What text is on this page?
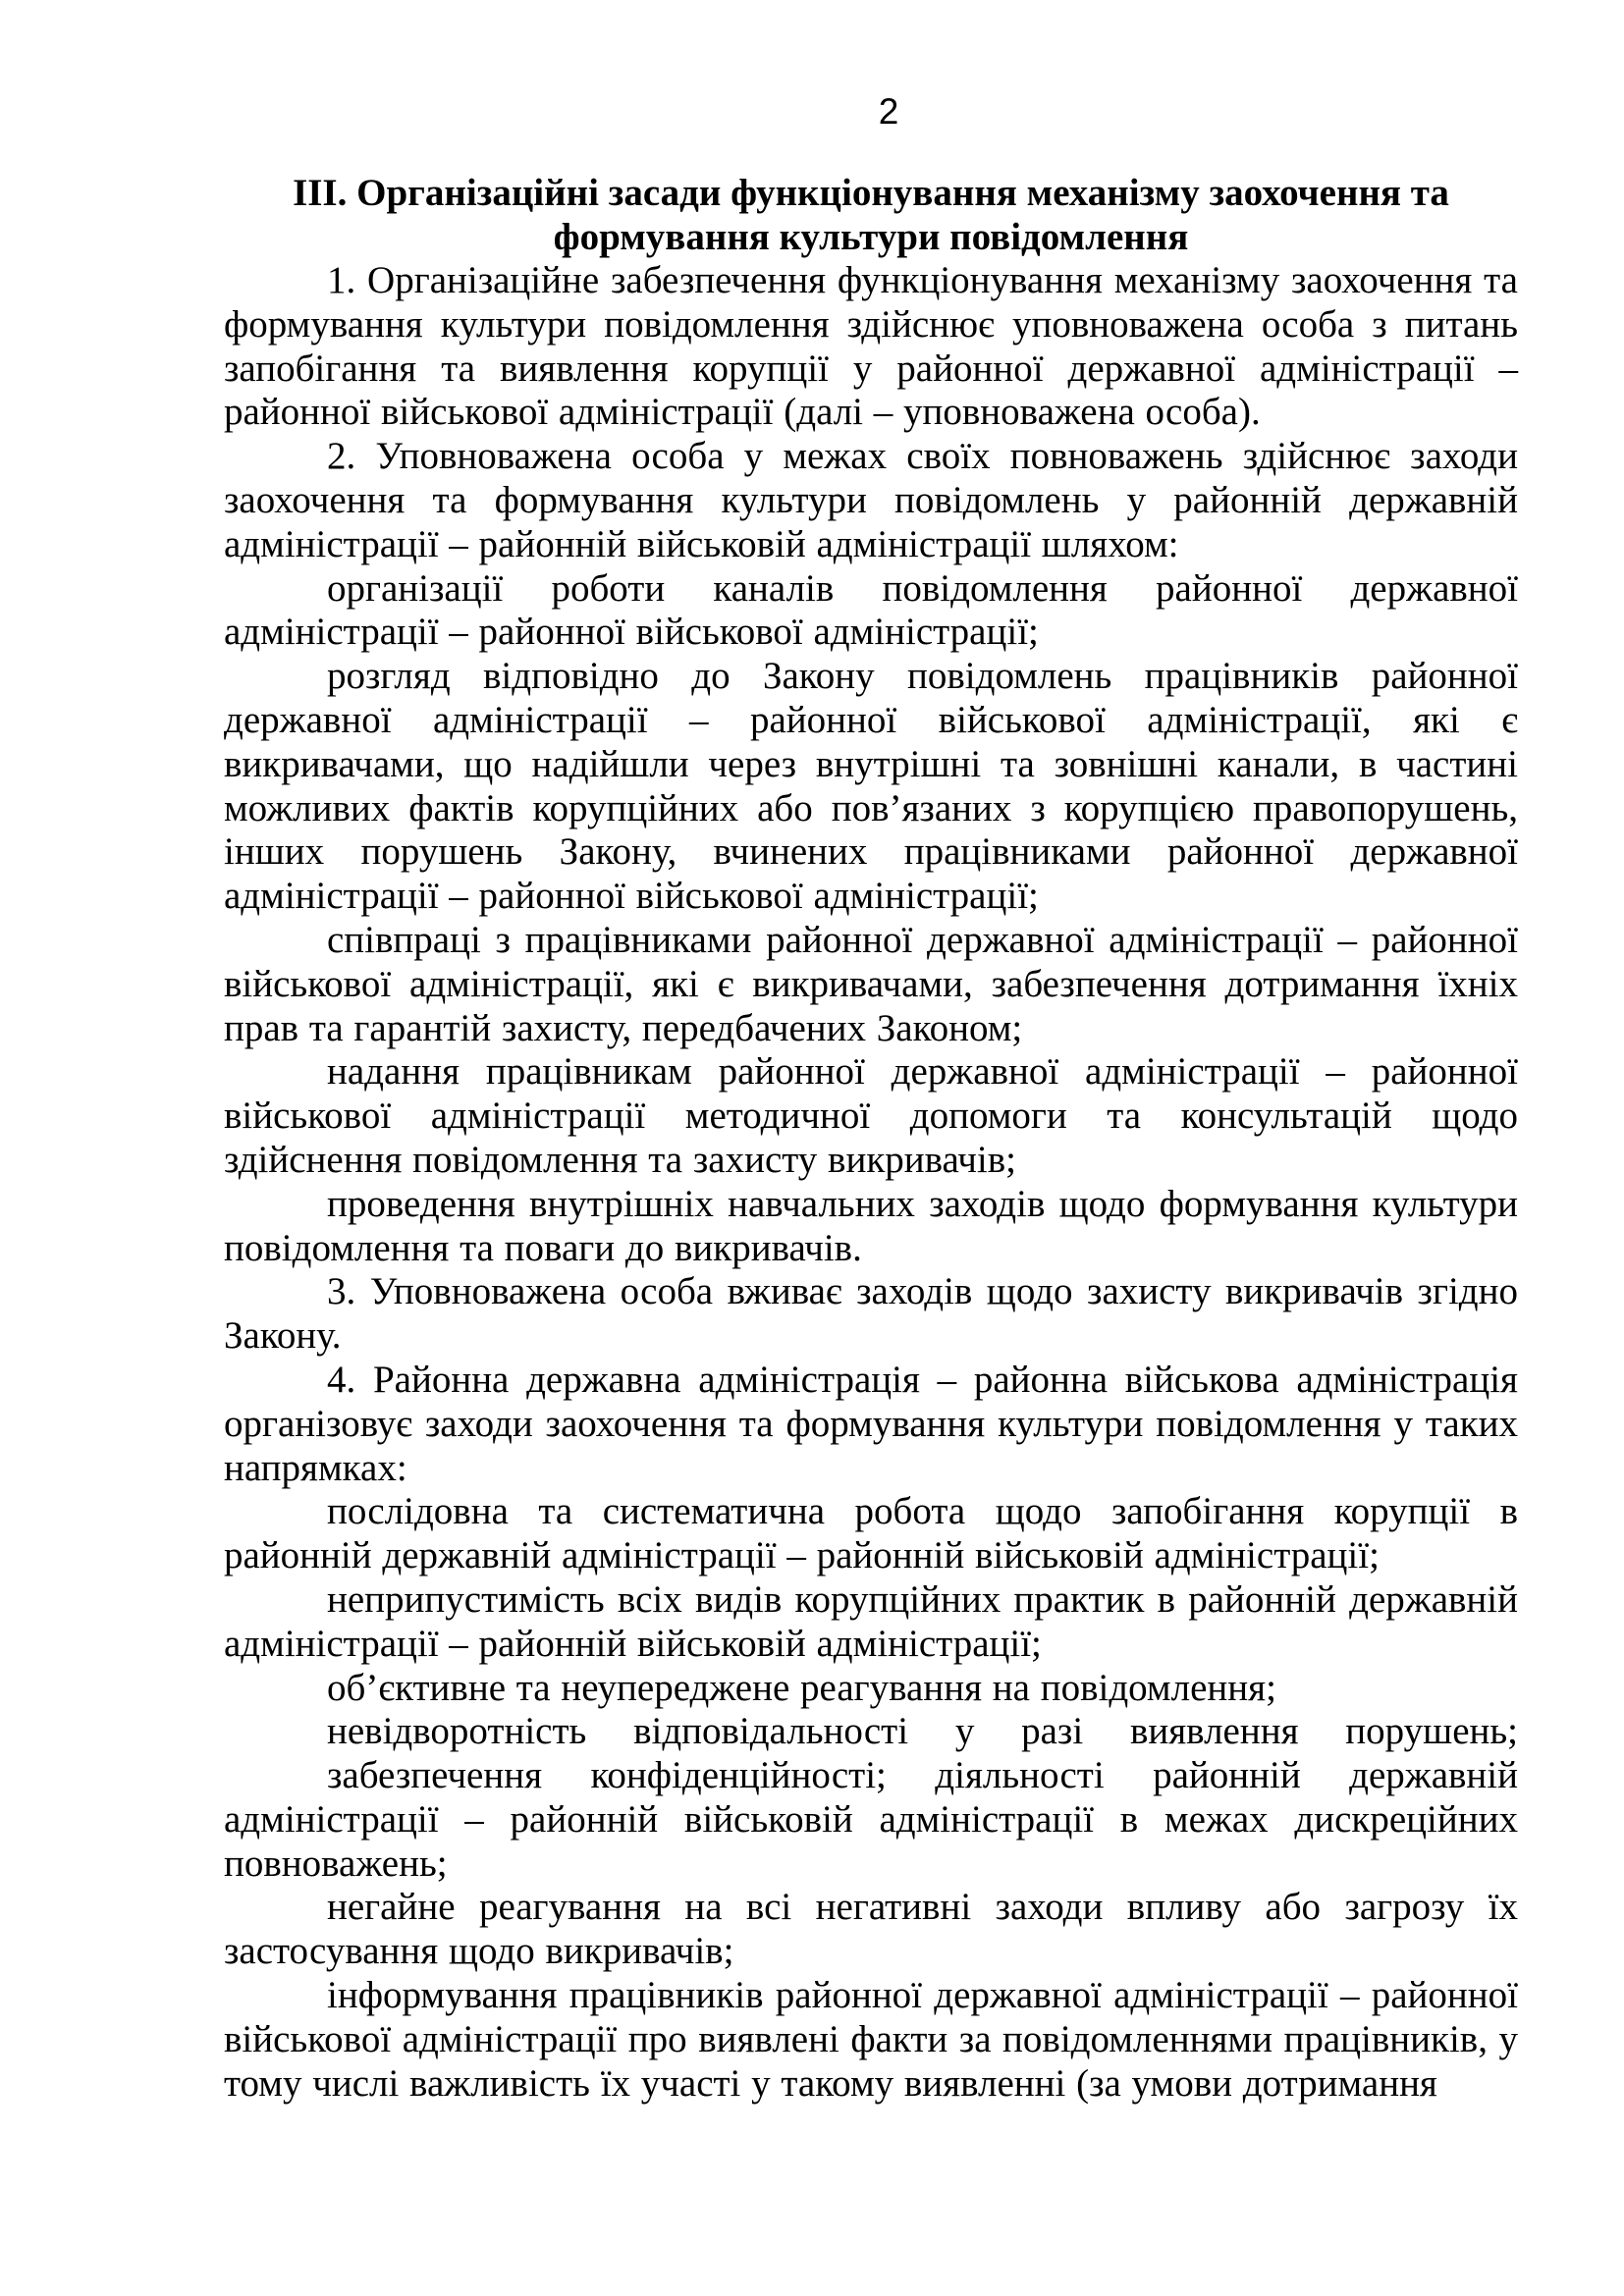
2
ІІІ. Організаційні засади функціонування механізму заохочення та
формування культури повідомлення

1. Організаційне забезпечення функціонування механізму заохочення та формування культури повідомлення здійснює уповноважена особа з питань запобігання та виявлення корупції у районної державної адміністрації – районної військової адміністрації (далі – уповноважена особа).

2. Уповноважена особа у межах своїх повноважень здійснює заходи заохочення та формування культури повідомлень у районній державній адміністрації – районній військовій адміністрації шляхом:

організації роботи каналів повідомлення районної державної адміністрації – районної військової адміністрації;

розгляд відповідно до Закону повідомлень працівників районної державної адміністрації – районної військової адміністрації, які є викривачами, що надійшли через внутрішні та зовнішні канали, в частині можливих фактів корупційних або пов’язаних з корупцією правопорушень, інших порушень Закону, вчинених працівниками районної державної адміністрації – районної військової адміністрації;

співпраці з працівниками районної державної адміністрації – районної військової адміністрації, які є викривачами, забезпечення дотримання їхніх прав та гарантій захисту, передбачених Законом;

надання працівникам районної державної адміністрації – районної військової адміністрації методичної допомоги та консультацій щодо здійснення повідомлення та захисту викривачів;

проведення внутрішніх навчальних заходів щодо формування культури повідомлення та поваги до викривачів.

3. Уповноважена особа вживає заходів щодо захисту викривачів згідно Закону.

4. Районна державна адміністрація – районна військова адміністрація організовує заходи заохочення та формування культури повідомлення у таких напрямках:

послідовна та систематична робота щодо запобігання корупції в районній державній адміністрації – районній військовій адміністрації;

неприпустимість всіх видів корупційних практик в районній державній адміністрації – районній військовій адміністрації;

об’єктивне та неупереджене реагування на повідомлення;

невідворотність відповідальності у разі виявлення порушень;

забезпечення конфіденційності; діяльності районній державній адміністрації – районній військовій адміністрації в межах дискреційних повноважень;

негайне реагування на всі негативні заходи впливу або загрозу їх застосування щодо викривачів;

інформування працівників районної державної адміністрації – районної військової адміністрації про виявлені факти за повідомленнями працівників, у тому числі важливість їх участі у такому виявленні (за умови дотримання
